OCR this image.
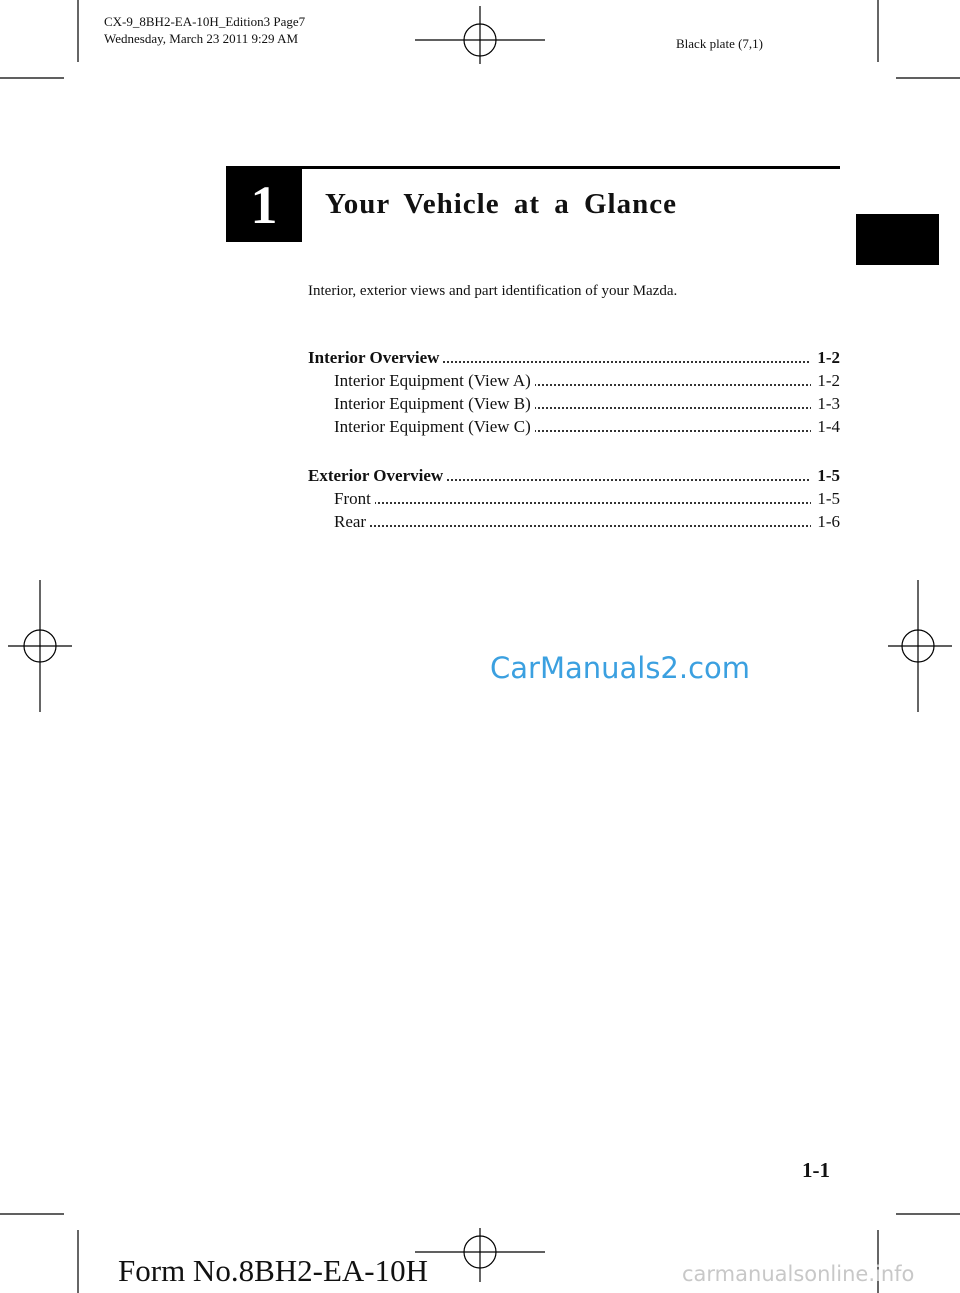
CX-9_8BH2-EA-10H_Edition3 Page7
Wednesday, March 23 2011 9:29 AM	Black plate (7,1)
1	Your Vehicle at a Glance
Interior, exterior views and part identification of your Mazda.
Interior Overview	1-2
Interior Equipment (View A)	1-2
Interior Equipment (View B)	1-3
Interior Equipment (View C)	1-4
Exterior Overview	1-5
Front	1-5
Rear	1-6
CarManuals2.com
1-1
Form No.8BH2-EA-10H	carmanualsonline.info
